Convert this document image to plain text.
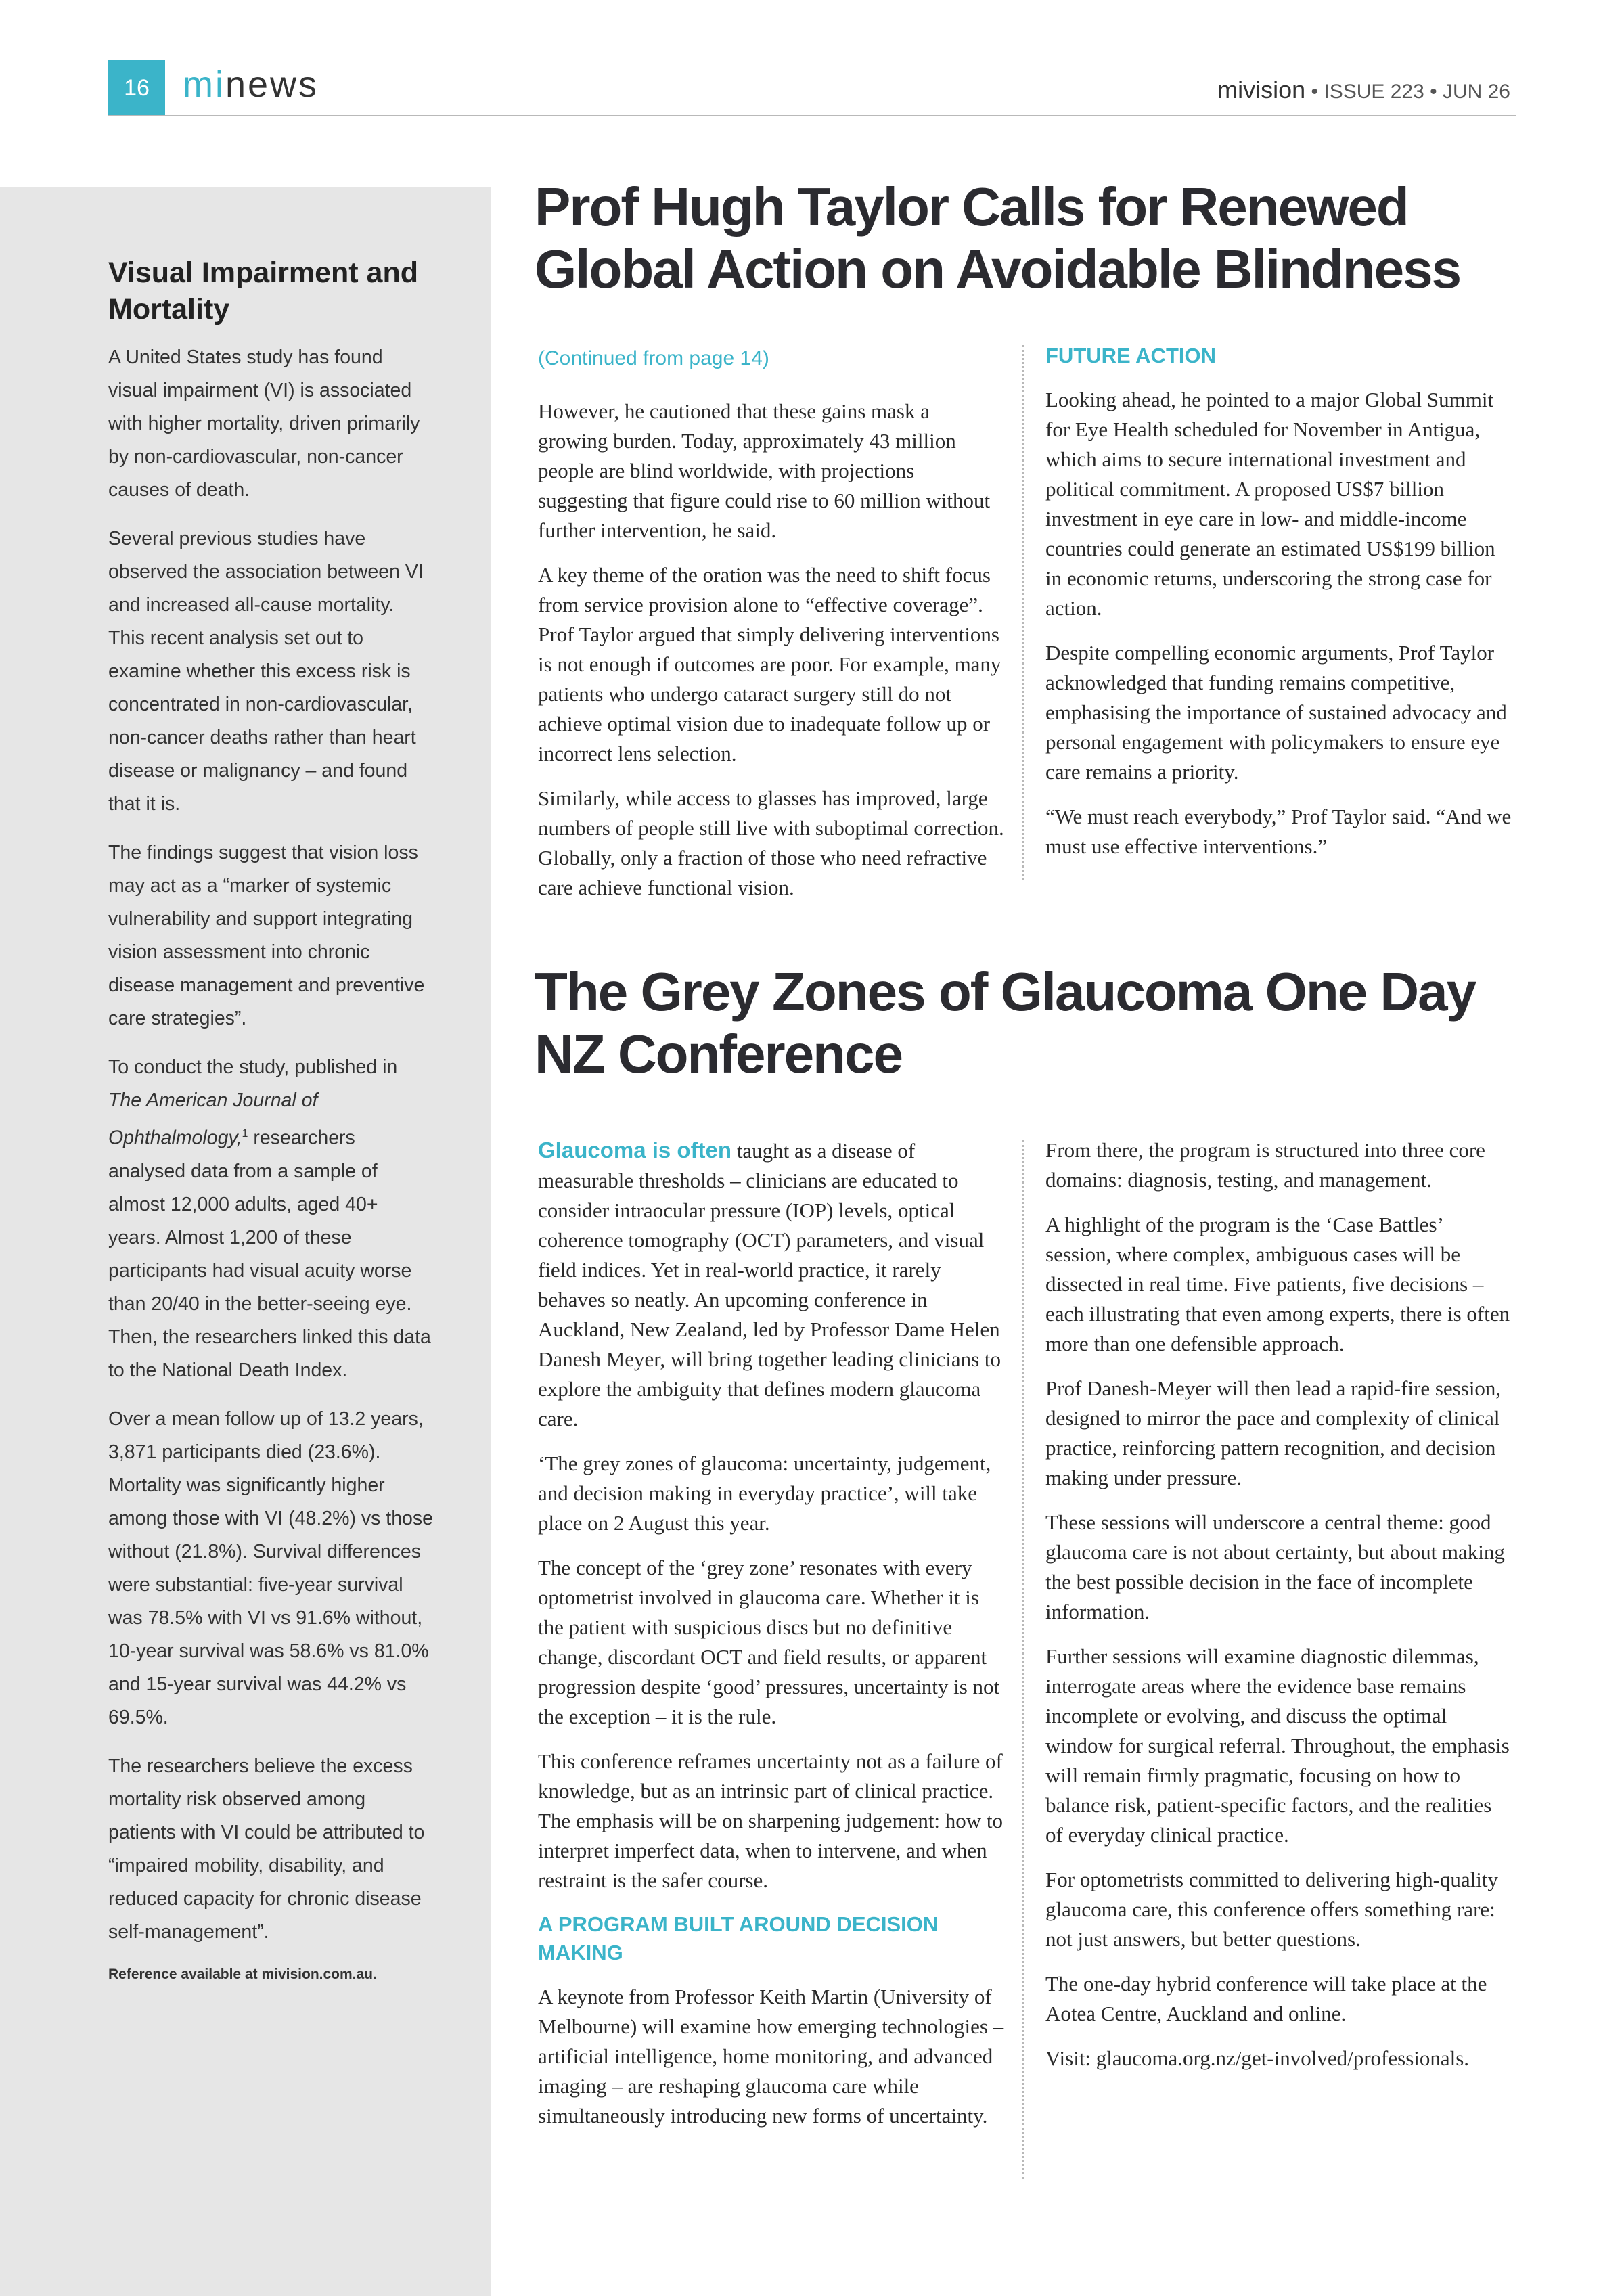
16 minews	mivision • ISSUE 223 • JUN 26
Visual Impairment and Mortality

A United States study has found visual impairment (VI) is associated with higher mortality, driven primarily by non-cardiovascular, non-cancer causes of death.

Several previous studies have observed the association between VI and increased all-cause mortality. This recent analysis set out to examine whether this excess risk is concentrated in non-cardiovascular, non-cancer deaths rather than heart disease or malignancy – and found that it is.

The findings suggest that vision loss may act as a “marker of systemic vulnerability and support integrating vision assessment into chronic disease management and preventive care strategies”.

To conduct the study, published in The American Journal of Ophthalmology,$^1$ researchers analysed data from a sample of almost 12,000 adults, aged 40+ years. Almost 1,200 of these participants had visual acuity worse than 20/40 in the better-seeing eye. Then, the researchers linked this data to the National Death Index.

Over a mean follow up of 13.2 years, 3,871 participants died (23.6%). Mortality was significantly higher among those with VI (48.2%) vs those without (21.8%). Survival differences were substantial: five-year survival was 78.5% with VI vs 91.6% without, 10-year survival was 58.6% vs 81.0% and 15-year survival was 44.2% vs 69.5%.

The researchers believe the excess mortality risk observed among patients with VI could be attributed to “impaired mobility, disability, and reduced capacity for chronic disease self-management”.

Reference available at mivision.com.au.
Prof Hugh Taylor Calls for Renewed Global Action on Avoidable Blindness

(Continued from page 14)

However, he cautioned that these gains mask a growing burden. Today, approximately 43 million people are blind worldwide, with projections suggesting that figure could rise to 60 million without further intervention, he said.

A key theme of the oration was the need to shift focus from service provision alone to “effective coverage”. Prof Taylor argued that simply delivering interventions is not enough if outcomes are poor. For example, many patients who undergo cataract surgery still do not achieve optimal vision due to inadequate follow up or incorrect lens selection.

Similarly, while access to glasses has improved, large numbers of people still live with suboptimal correction. Globally, only a fraction of those who need refractive care achieve functional vision.

FUTURE ACTION

Looking ahead, he pointed to a major Global Summit for Eye Health scheduled for November in Antigua, which aims to secure international investment and political commitment. A proposed US$7 billion investment in eye care in low- and middle-income countries could generate an estimated US$199 billion in economic returns, underscoring the strong case for action.

Despite compelling economic arguments, Prof Taylor acknowledged that funding remains competitive, emphasising the importance of sustained advocacy and personal engagement with policymakers to ensure eye care remains a priority.

“We must reach everybody,” Prof Taylor said. “And we must use effective interventions.”

The Grey Zones of Glaucoma One Day NZ Conference

Glaucoma is often taught as a disease of measurable thresholds – clinicians are educated to consider intraocular pressure (IOP) levels, optical coherence tomography (OCT) parameters, and visual field indices. Yet in real-world practice, it rarely behaves so neatly. An upcoming conference in Auckland, New Zealand, led by Professor Dame Helen Danesh Meyer, will bring together leading clinicians to explore the ambiguity that defines modern glaucoma care.

‘The grey zones of glaucoma: uncertainty, judgement, and decision making in everyday practice’, will take place on 2 August this year.

The concept of the ‘grey zone’ resonates with every optometrist involved in glaucoma care. Whether it is the patient with suspicious discs but no definitive change, discordant OCT and field results, or apparent progression despite ‘good’ pressures, uncertainty is not the exception – it is the rule.

This conference reframes uncertainty not as a failure of knowledge, but as an intrinsic part of clinical practice. The emphasis will be on sharpening judgement: how to interpret imperfect data, when to intervene, and when restraint is the safer course.

A PROGRAM BUILT AROUND DECISION MAKING

A keynote from Professor Keith Martin (University of Melbourne) will examine how emerging technologies – artificial intelligence, home monitoring, and advanced imaging – are reshaping glaucoma care while simultaneously introducing new forms of uncertainty.

From there, the program is structured into three core domains: diagnosis, testing, and management.

A highlight of the program is the ‘Case Battles’ session, where complex, ambiguous cases will be dissected in real time. Five patients, five decisions – each illustrating that even among experts, there is often more than one defensible approach.

Prof Danesh-Meyer will then lead a rapid-fire session, designed to mirror the pace and complexity of clinical practice, reinforcing pattern recognition, and decision making under pressure.

These sessions will underscore a central theme: good glaucoma care is not about certainty, but about making the best possible decision in the face of incomplete information.

Further sessions will examine diagnostic dilemmas, interrogate areas where the evidence base remains incomplete or evolving, and discuss the optimal window for surgical referral. Throughout, the emphasis will remain firmly pragmatic, focusing on how to balance risk, patient-specific factors, and the realities of everyday clinical practice.

For optometrists committed to delivering high-quality glaucoma care, this conference offers something rare: not just answers, but better questions.

The one-day hybrid conference will take place at the Aotea Centre, Auckland and online.

Visit: glaucoma.org.nz/get-involved/professionals.
